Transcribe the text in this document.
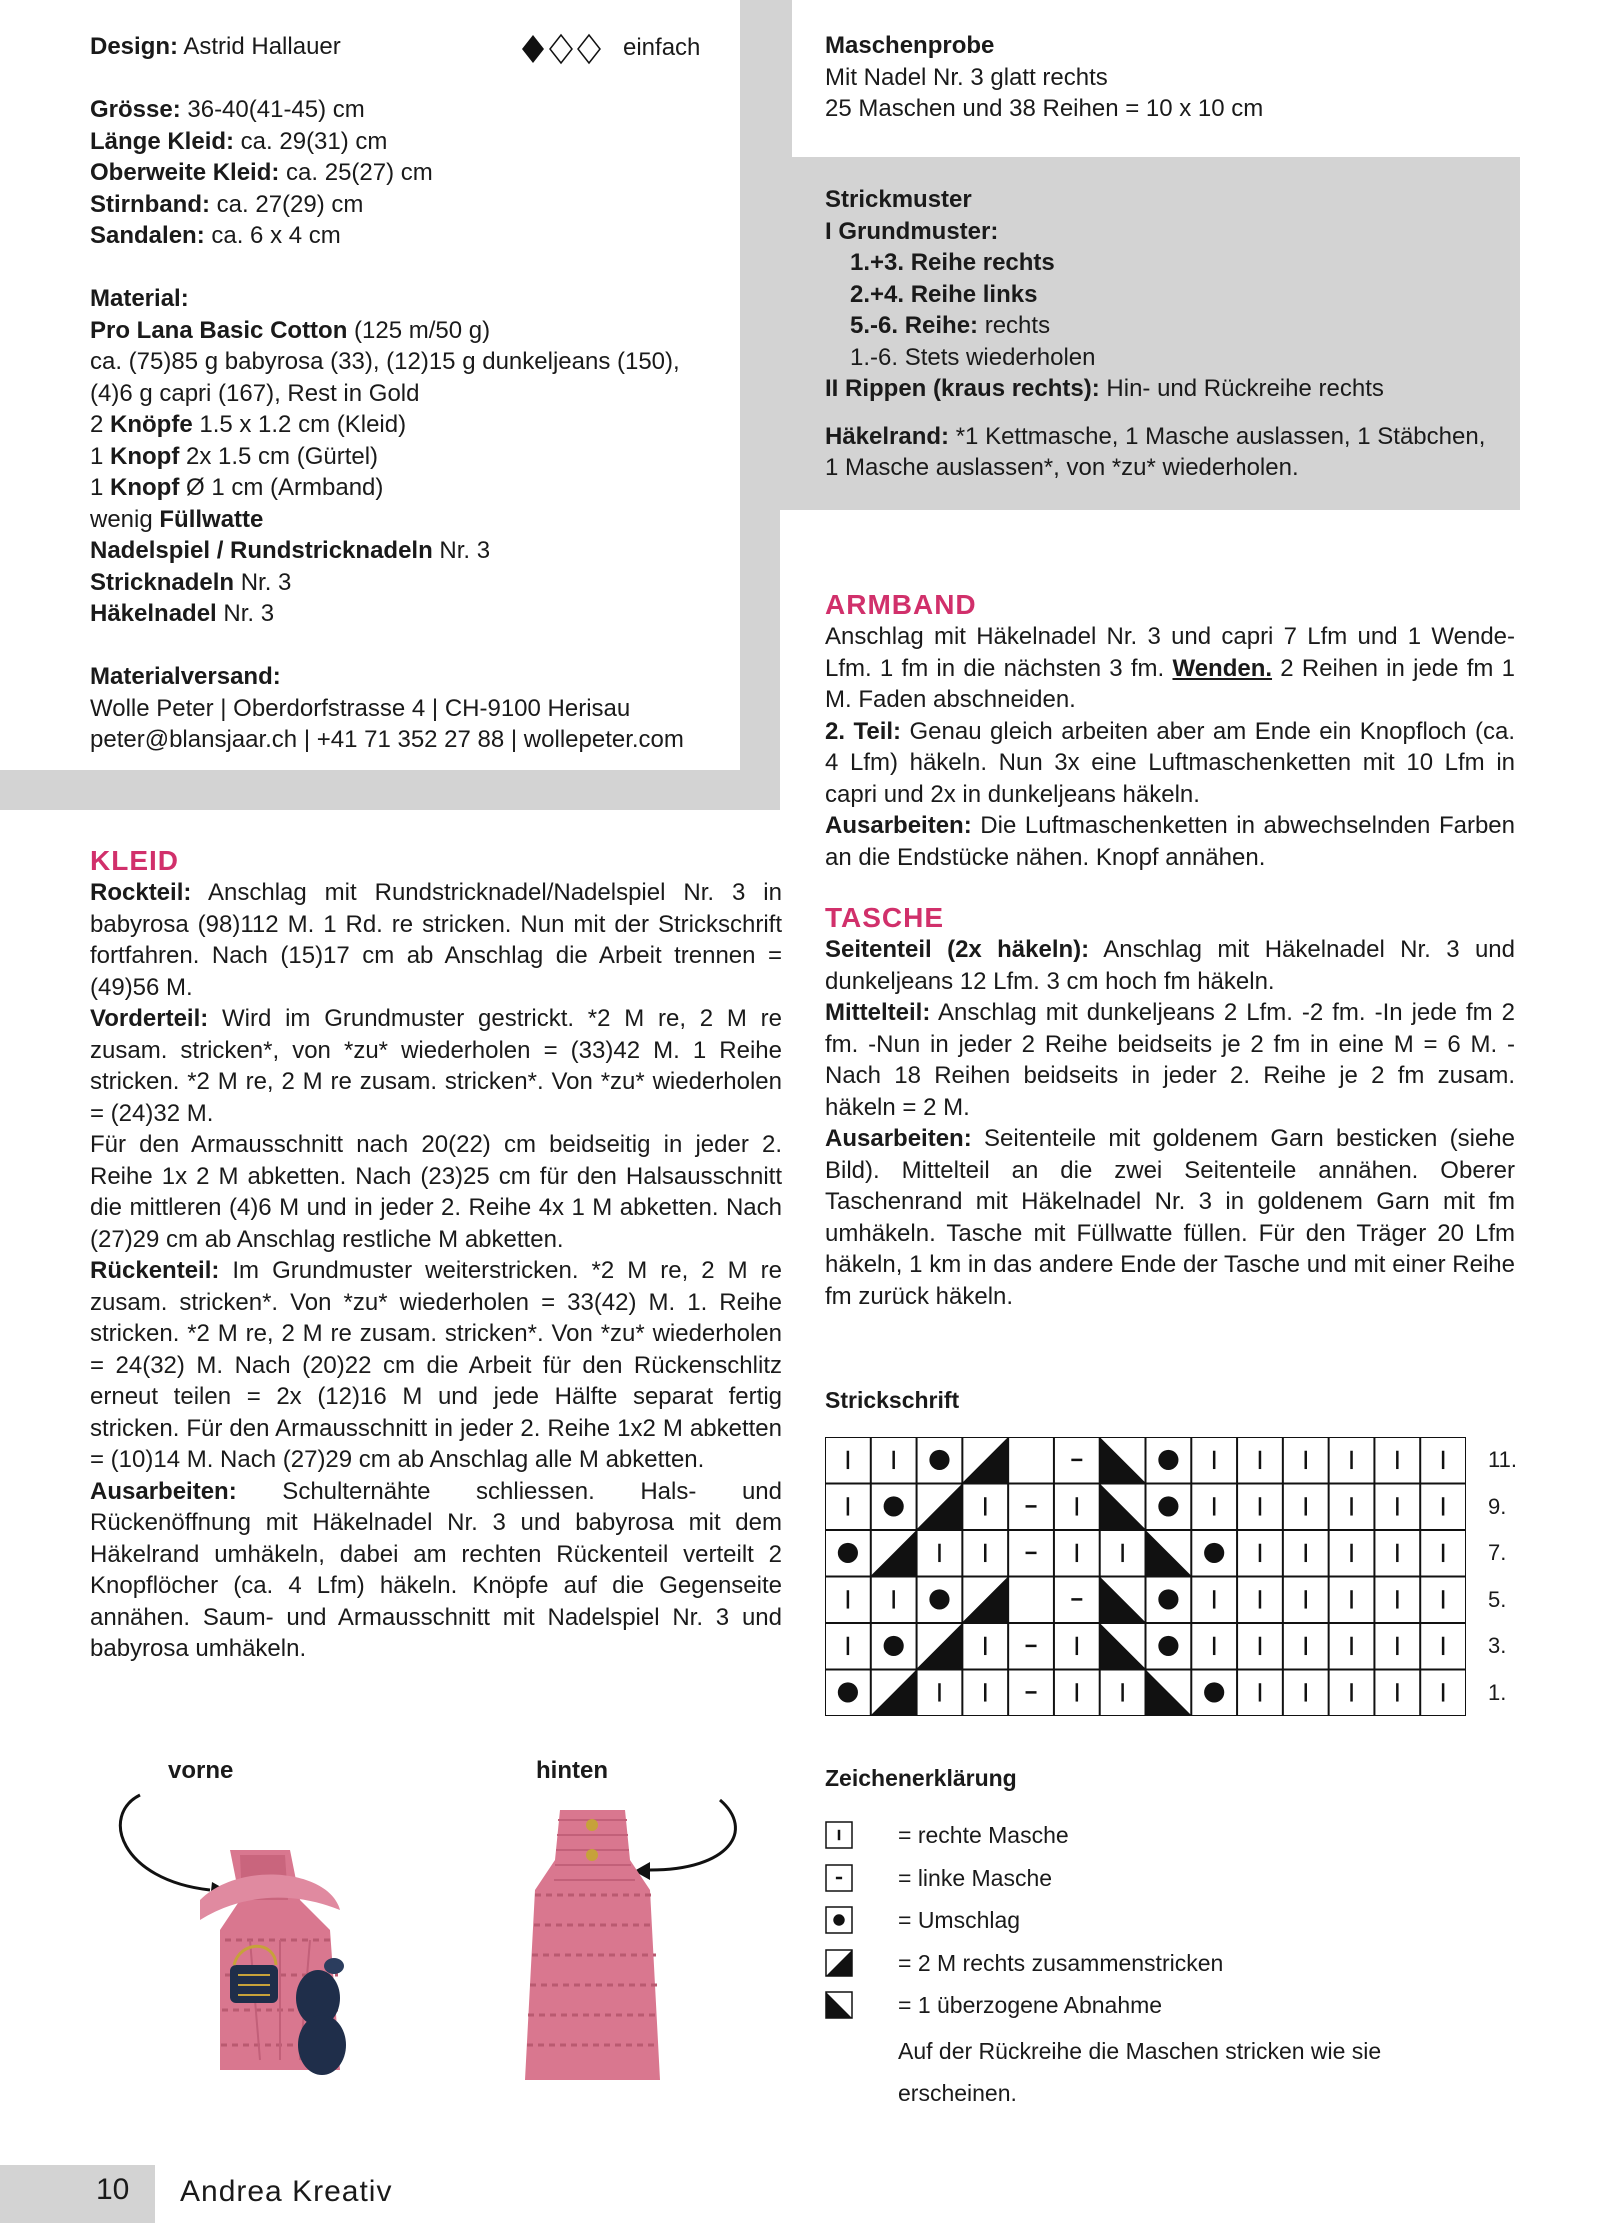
Design: Astrid Hallauer	einfach

Grösse: 36-40(41-45) cm

Länge Kleid: ca. 29(31) cm

Oberweite Kleid: ca. 25(27) cm

Stirnband: ca. 27(29) cm

Sandalen: ca. 6 x 4 cm

Material:

Pro Lana Basic Cotton (125 m/50 g)

ca. (75)85 g babyrosa (33), (12)15 g dunkeljeans (150),

(4)6 g capri (167), Rest in Gold

2 Knöpfe 1.5 x 1.2 cm (Kleid)

1 Knopf 2x 1.5 cm (Gürtel)

1 Knopf Ø 1 cm (Armband)

wenig Füllwatte

Nadelspiel / Rundstricknadeln Nr. 3

Stricknadeln Nr. 3

Häkelnadel Nr. 3

Materialversand:

Wolle Peter | Oberdorfstrasse 4 | CH-9100 Herisau

peter@blansjaar.ch | +41 71 352 27 88 | wollepeter.com

Maschenprobe

Mit Nadel Nr. 3 glatt rechts

25 Maschen und 38 Reihen = 10 x 10 cm

Strickmuster

I Grundmuster:

1.+3. Reihe rechts

2.+4. Reihe links

5.-6. Reihe: rechts

1.-6. Stets wiederholen

II Rippen (kraus rechts): Hin- und Rückreihe rechts

Häkelrand: *1 Kettmasche, 1 Masche auslassen, 1 Stäbchen,

1 Masche auslassen*, von *zu* wiederholen.

KLEID

Rockteil: Anschlag mit Rundstricknadel/Nadelspiel Nr. 3 in babyrosa (98)112 M. 1 Rd. re stricken. Nun mit der Strickschrift fortfahren. Nach (15)17 cm ab Anschlag die Arbeit trennen = (49)56 M.

Vorderteil: Wird im Grundmuster gestrickt. *2 M re, 2 M re zusam. stricken*, von *zu* wiederholen = (33)42 M. 1 Reihe stricken. *2 M re, 2 M re zusam. stricken*. Von *zu* wiederholen = (24)32 M.

Für den Armausschnitt nach 20(22) cm beidseitig in jeder 2. Reihe 1x 2 M abketten. Nach (23)25 cm für den Halsausschnitt die mittleren (4)6 M und in jeder 2. Reihe 4x 1 M abketten. Nach (27)29 cm ab Anschlag restliche M abketten.

Rückenteil: Im Grundmuster weiterstricken. *2 M re, 2 M re zusam. stricken*. Von *zu* wiederholen = 33(42) M. 1. Reihe stricken. *2 M re, 2 M re zusam. stricken*. Von *zu* wiederholen = 24(32) M. Nach (20)22 cm die Arbeit für den Rückenschlitz erneut teilen = 2x (12)16 M und jede Hälfte separat fertig stricken. Für den Armausschnitt in jeder 2. Reihe 1x2 M abketten = (10)14 M. Nach (27)29 cm ab Anschlag alle M abketten.

Ausarbeiten: Schulternähte schliessen. Hals- und Rückenöffnung mit Häkelnadel Nr. 3 und babyrosa mit dem Häkelrand umhäkeln, dabei am rechten Rückenteil verteilt 2 Knopflöcher (ca. 4 Lfm) häkeln. Knöpfe auf die Gegenseite annähen. Saum- und Armausschnitt mit Nadelspiel Nr. 3 und babyrosa umhäkeln.

ARMBAND

Anschlag mit Häkelnadel Nr. 3 und capri 7 Lfm und 1 Wende-Lfm. 1 fm in die nächsten 3 fm. Wenden. 2 Reihen in jede fm 1 M. Faden abschneiden.

2. Teil: Genau gleich arbeiten aber am Ende ein Knopfloch (ca. 4 Lfm) häkeln. Nun 3x eine Luftmaschenketten mit 10 Lfm in capri und 2x in dunkeljeans häkeln.

Ausarbeiten: Die Luftmaschenketten in abwechselnden Farben an die Endstücke nähen. Knopf annähen.

TASCHE

Seitenteil (2x häkeln): Anschlag mit Häkelnadel Nr. 3 und dunkeljeans 12 Lfm. 3 cm hoch fm häkeln.

Mittelteil: Anschlag mit dunkeljeans 2 Lfm. -2 fm. -In jede fm 2 fm. -Nun in jeder 2 Reihe beidseits je 2 fm in eine M = 6 M. -Nach 18 Reihen beidseits in jeder 2. Reihe je 2 fm zusam. häkeln = 2 M.

Ausarbeiten: Seitenteile mit goldenem Garn besticken (siehe Bild). Mittelteil an die zwei Seitenteile annähen. Oberer Taschenrand mit Häkelnadel Nr. 3 in goldenem Garn mit fm umhäkeln. Tasche mit Füllwatte füllen. Für den Träger 20 Lfm häkeln, 1 km in das andere Ende der Tasche und mit einer Reihe fm zurück häkeln.

Strickschrift
11.
9.
7.
5.
3.
1.
Zeichenerklärung
= rechte Masche
= linke Masche
= Umschlag
= 2 M rechts zusammenstricken
= 1 überzogene Abnahme
Auf der Rückreihe die Maschen stricken wie sie
erscheinen.
vorne	hinten
10 Andrea Kreativ
